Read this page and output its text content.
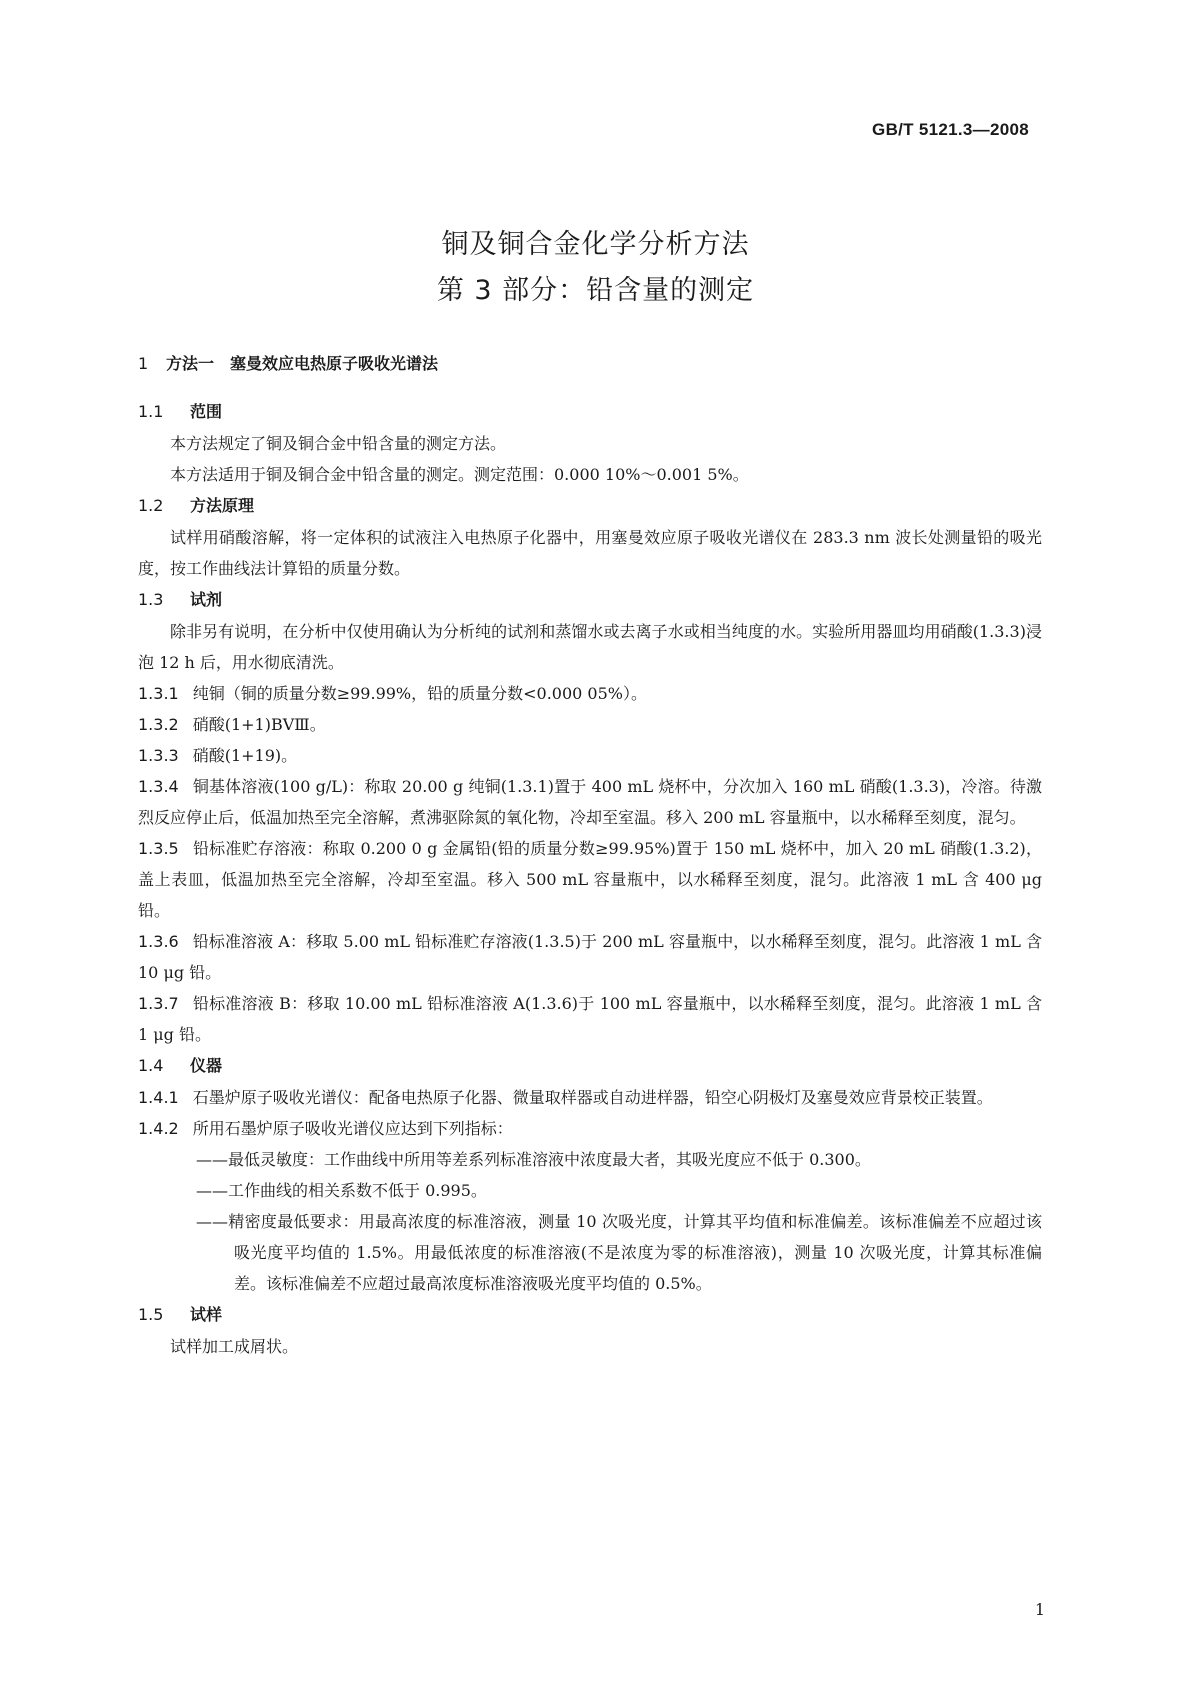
GB/T 5121.3—2008
铜及铜合金化学分析方法
第 3 部分：铅含量的测定

1 方法一　塞曼效应电热原子吸收光谱法

1.1 范围

本方法规定了铜及铜合金中铅含量的测定方法。

本方法适用于铜及铜合金中铅含量的测定。测定范围：0.000 10%～0.001 5%。

1.2 方法原理

试样用硝酸溶解，将一定体积的试液注入电热原子化器中，用塞曼效应原子吸收光谱仪在 283.3 nm 波长处测量铅的吸光度，按工作曲线法计算铅的质量分数。

1.3 试剂

除非另有说明，在分析中仅使用确认为分析纯的试剂和蒸馏水或去离子水或相当纯度的水。实验所用器皿均用硝酸(1.3.3)浸泡 12 h 后，用水彻底清洗。

1.3.1 纯铜（铜的质量分数≥99.99%，铅的质量分数<0.000 05%）。

1.3.2 硝酸(1+1)BVⅢ。

1.3.3 硝酸(1+19)。

1.3.4 铜基体溶液(100 g/L)：称取 20.00 g 纯铜(1.3.1)置于 400 mL 烧杯中，分次加入 160 mL 硝酸(1.3.3)，冷溶。待激烈反应停止后，低温加热至完全溶解，煮沸驱除氮的氧化物，冷却至室温。移入 200 mL 容量瓶中，以水稀释至刻度，混匀。

1.3.5 铅标准贮存溶液：称取 0.200 0 g 金属铅(铅的质量分数≥99.95%)置于 150 mL 烧杯中，加入 20 mL 硝酸(1.3.2)，盖上表皿，低温加热至完全溶解，冷却至室温。移入 500 mL 容量瓶中，以水稀释至刻度，混匀。此溶液 1 mL 含 400 μg 铅。

1.3.6 铅标准溶液 A：移取 5.00 mL 铅标准贮存溶液(1.3.5)于 200 mL 容量瓶中，以水稀释至刻度，混匀。此溶液 1 mL 含 10 μg 铅。

1.3.7 铅标准溶液 B：移取 10.00 mL 铅标准溶液 A(1.3.6)于 100 mL 容量瓶中，以水稀释至刻度，混匀。此溶液 1 mL 含 1 μg 铅。

1.4 仪器

1.4.1 石墨炉原子吸收光谱仪：配备电热原子化器、微量取样器或自动进样器，铅空心阴极灯及塞曼效应背景校正装置。

1.4.2 所用石墨炉原子吸收光谱仪应达到下列指标：

——最低灵敏度：工作曲线中所用等差系列标准溶液中浓度最大者，其吸光度应不低于 0.300。

——工作曲线的相关系数不低于 0.995。

——精密度最低要求：用最高浓度的标准溶液，测量 10 次吸光度，计算其平均值和标准偏差。该标准偏差不应超过该吸光度平均值的 1.5%。用最低浓度的标准溶液(不是浓度为零的标准溶液)，测量 10 次吸光度，计算其标准偏差。该标准偏差不应超过最高浓度标准溶液吸光度平均值的 0.5%。

1.5 试样

试样加工成屑状。

1
